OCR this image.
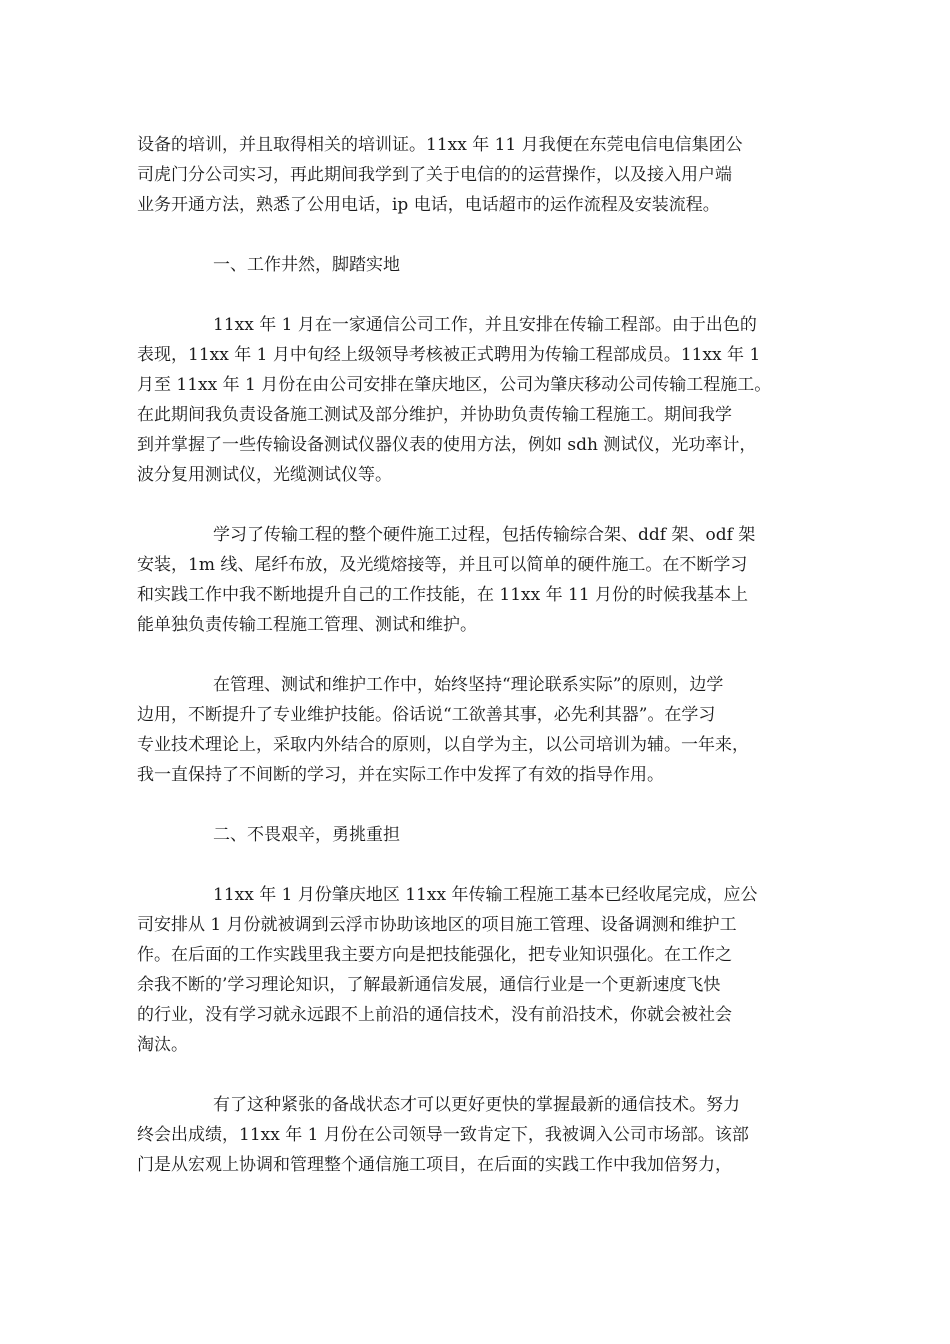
设备的培训，并且取得相关的培训证。11xx 年 11 月我便在东莞电信电信集团公
司虎门分公司实习，再此期间我学到了关于电信的的运营操作，以及接入用户端
业务开通方法，熟悉了公用电话，ip 电话，电话超市的运作流程及安装流程。
一、工作井然，脚踏实地
11xx 年 1 月在一家通信公司工作，并且安排在传输工程部。由于出色的
表现，11xx 年 1 月中旬经上级领导考核被正式聘用为传输工程部成员。11xx 年 1
月至 11xx 年 1 月份在由公司安排在肇庆地区，公司为肇庆移动公司传输工程施工。
在此期间我负责设备施工测试及部分维护，并协助负责传输工程施工。期间我学
到并掌握了一些传输设备测试仪器仪表的使用方法，例如 sdh 测试仪，光功率计，
波分复用测试仪，光缆测试仪等。
学习了传输工程的整个硬件施工过程，包括传输综合架、ddf 架、odf 架
安装，1m 线、尾纤布放，及光缆熔接等，并且可以简单的硬件施工。在不断学习
和实践工作中我不断地提升自己的工作技能，在 11xx 年 11 月份的时候我基本上
能单独负责传输工程施工管理、测试和维护。
在管理、测试和维护工作中，始终坚持“理论联系实际”的原则，边学
边用，不断提升了专业维护技能。俗话说“工欲善其事，必先利其器”。在学习
专业技术理论上，采取内外结合的原则，以自学为主，以公司培训为辅。一年来，
我一直保持了不间断的学习，并在实际工作中发挥了有效的指导作用。
二、不畏艰辛，勇挑重担
11xx 年 1 月份肇庆地区 11xx 年传输工程施工基本已经收尾完成，应公
司安排从 1 月份就被调到云浮市协助该地区的项目施工管理、设备调测和维护工
作。在后面的工作实践里我主要方向是把技能强化，把专业知识强化。在工作之
余我不断的’学习理论知识，了解最新通信发展，通信行业是一个更新速度飞快
的行业，没有学习就永远跟不上前沿的通信技术，没有前沿技术，你就会被社会
淘汰。
有了这种紧张的备战状态才可以更好更快的掌握最新的通信技术。努力
终会出成绩，11xx 年 1 月份在公司领导一致肯定下，我被调入公司市场部。该部
门是从宏观上协调和管理整个通信施工项目，在后面的实践工作中我加倍努力，
